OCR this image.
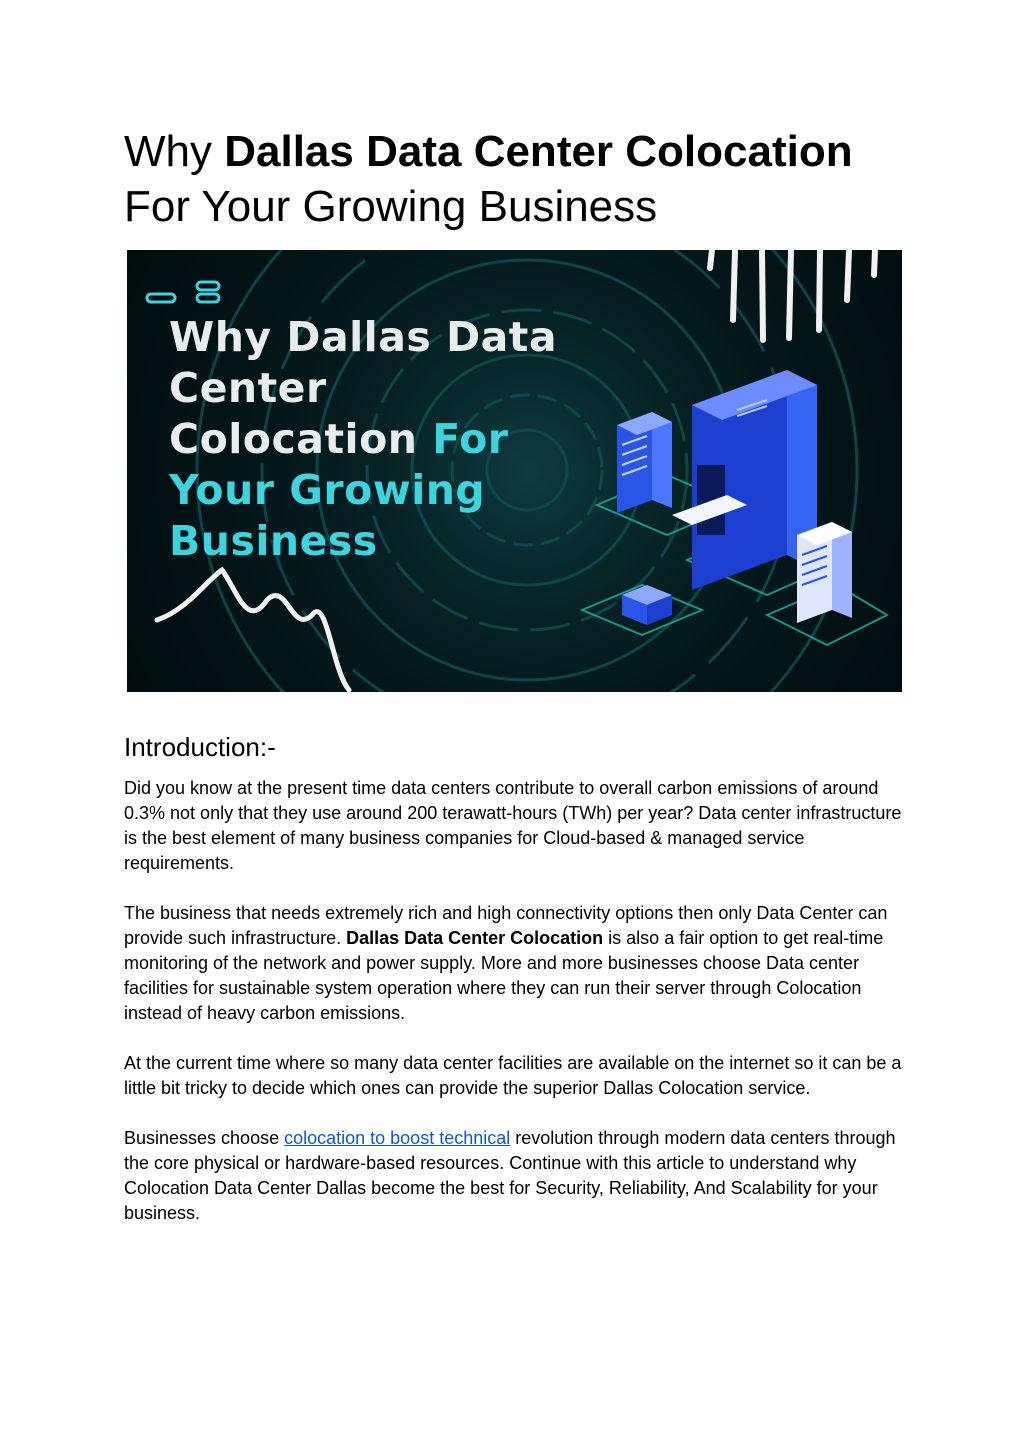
Why Dallas Data Center Colocation
For Your Growing Business
Why Dallas Data
Center
Colocation For
Your Growing
Business
Introduction:-

Did you know at the present time data centers contribute to overall carbon emissions of around 0.3% not only that they use around 200 terawatt-hours (TWh) per year? Data center infrastructure is the best element of many business companies for Cloud-based & managed service requirements.

The business that needs extremely rich and high connectivity options then only Data Center can provide such infrastructure. Dallas Data Center Colocation is also a fair option to get real-time monitoring of the network and power supply. More and more businesses choose Data center facilities for sustainable system operation where they can run their server through Colocation instead of heavy carbon emissions.

At the current time where so many data center facilities are available on the internet so it can be a little bit tricky to decide which ones can provide the superior Dallas Colocation service.

Businesses choose colocation to boost technical revolution through modern data centers through the core physical or hardware-based resources. Continue with this article to understand why Colocation Data Center Dallas become the best for Security, Reliability, And Scalability for your business.
